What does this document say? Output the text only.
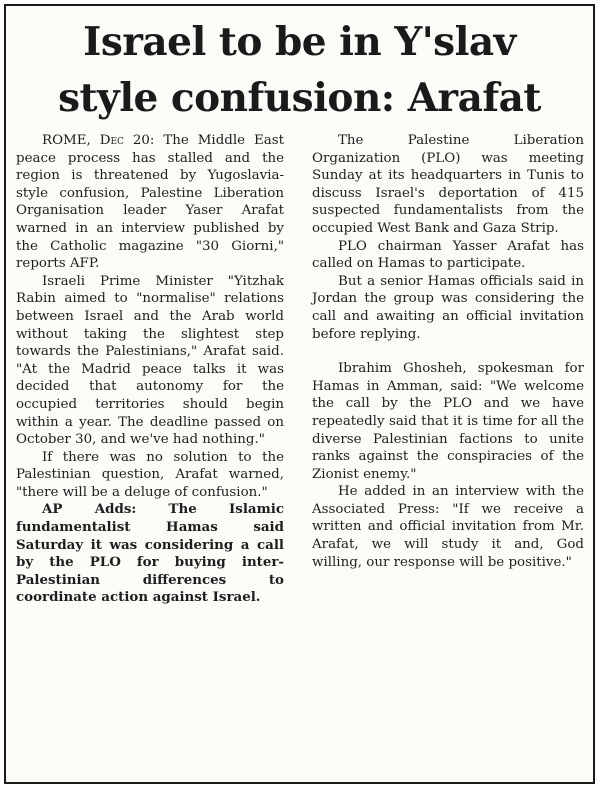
Israel to be in Y'slav
style confusion: Arafat

ROME, Dec 20: The Middle East peace process has stalled and the region is threatened by Yugoslavia-style confusion, Palestine Liberation Organisation leader Yaser Arafat warned in an interview published by the Catholic magazine "30 Giorni," reports AFP.

Israeli Prime Minister "Yitzhak Rabin aimed to "normalise" relations between Israel and the Arab world without taking the slightest step towards the Palestinians," Arafat said. "At the Madrid peace talks it was decided that autonomy for the occupied territories should begin within a year. The deadline passed on October 30, and we've had nothing."

If there was no solution to the Palestinian question, Arafat warned, "there will be a deluge of confusion."

AP Adds: The Islamic fundamentalist Hamas said Saturday it was considering a call by the PLO for buying inter-Palestinian differences to coordinate action against Israel.

The Palestine Liberation Organization (PLO) was meeting Sunday at its headquarters in Tunis to discuss Israel's deportation of 415 suspected fundamentalists from the occupied West Bank and Gaza Strip.

PLO chairman Yasser Arafat has called on Hamas to participate.

But a senior Hamas officials said in Jordan the group was considering the call and awaiting an official invitation before replying.

Ibrahim Ghosheh, spokesman for Hamas in Amman, said: "We welcome the call by the PLO and we have repeatedly said that it is time for all the diverse Palestinian factions to unite ranks against the conspiracies of the Zionist enemy."

He added in an interview with the Associated Press: "If we receive a written and official invitation from Mr. Arafat, we will study it and, God willing, our response will be positive."
